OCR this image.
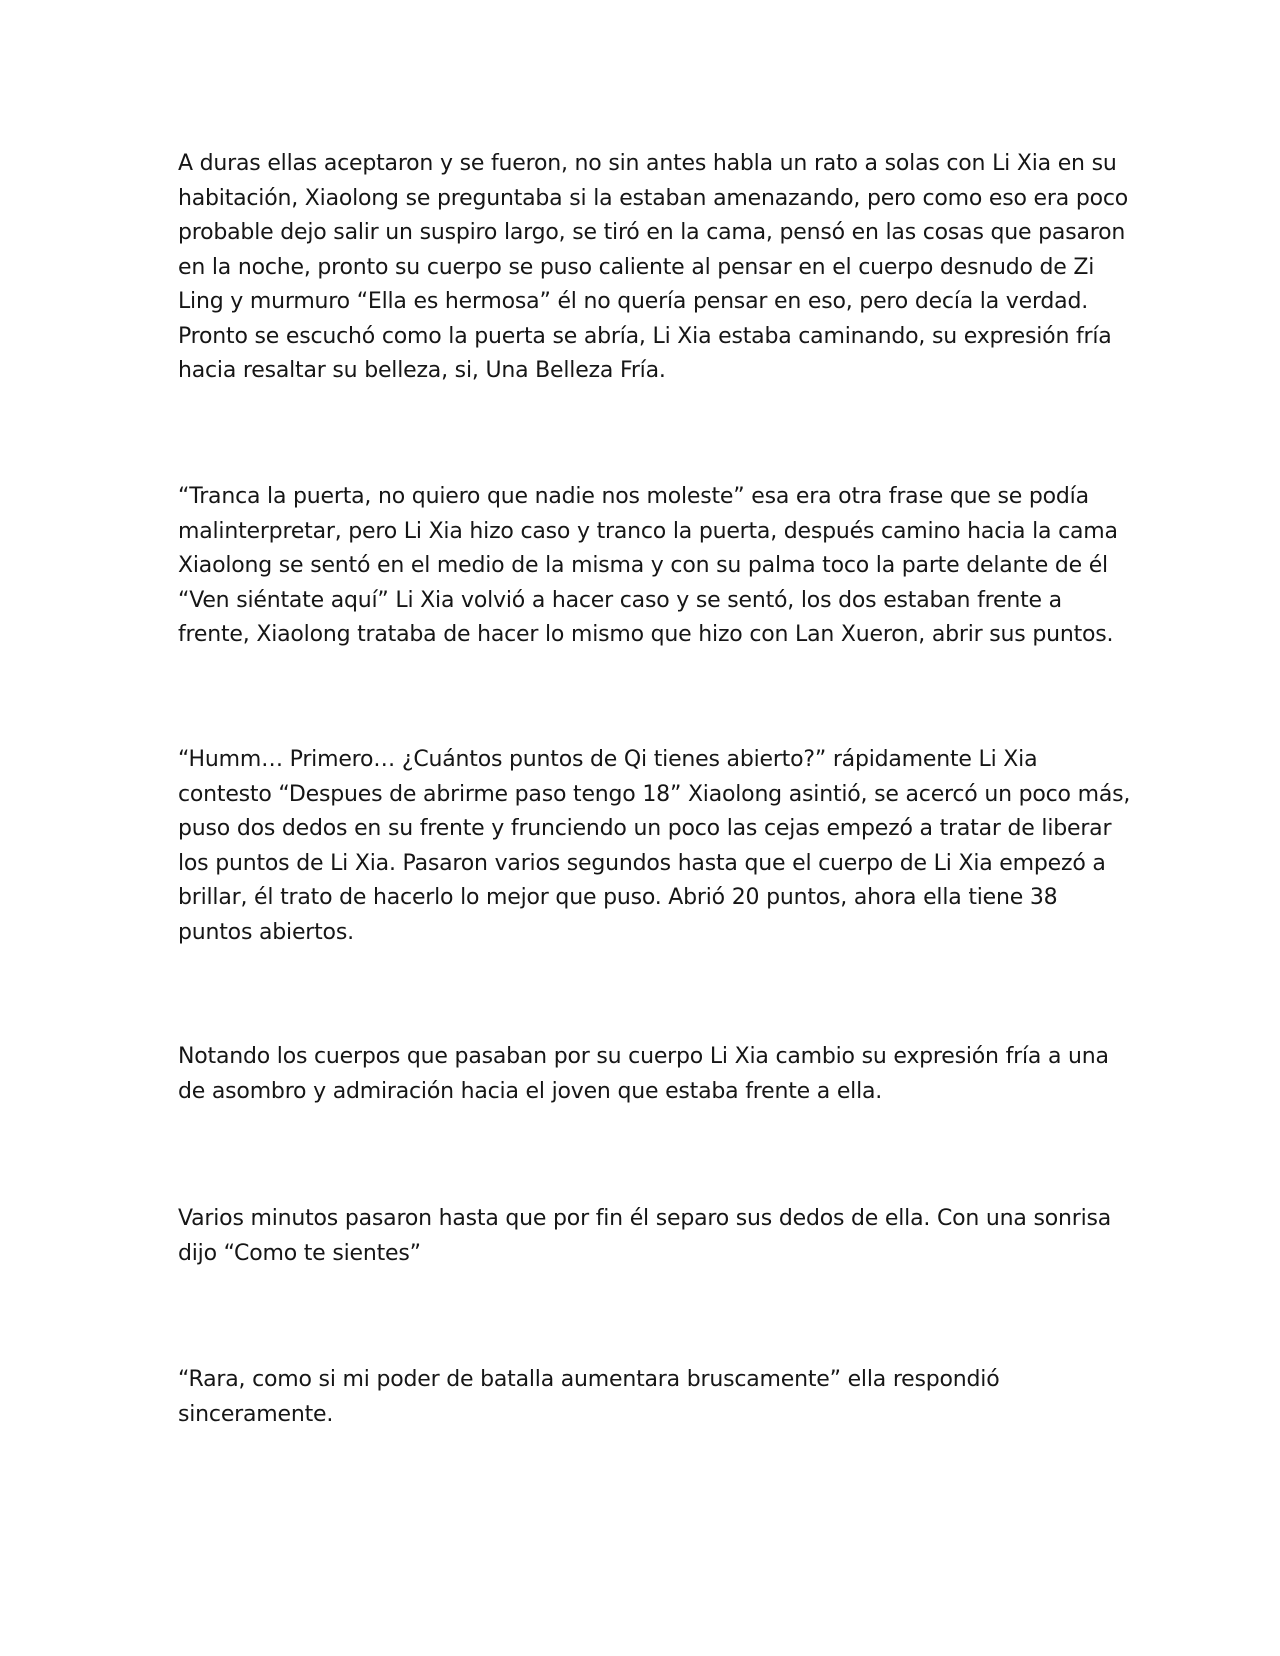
A duras ellas aceptaron y se fueron, no sin antes habla un rato a solas con Li Xia en su
habitación, Xiaolong se preguntaba si la estaban amenazando, pero como eso era poco
probable dejo salir un suspiro largo, se tiró en la cama, pensó en las cosas que pasaron
en la noche, pronto su cuerpo se puso caliente al pensar en el cuerpo desnudo de Zi
Ling y murmuro “Ella es hermosa” él no quería pensar en eso, pero decía la verdad.
Pronto se escuchó como la puerta se abría, Li Xia estaba caminando, su expresión fría
hacia resaltar su belleza, si, Una Belleza Fría.

“Tranca la puerta, no quiero que nadie nos moleste” esa era otra frase que se podía
malinterpretar, pero Li Xia hizo caso y tranco la puerta, después camino hacia la cama
Xiaolong se sentó en el medio de la misma y con su palma toco la parte delante de él
“Ven siéntate aquí” Li Xia volvió a hacer caso y se sentó, los dos estaban frente a
frente, Xiaolong trataba de hacer lo mismo que hizo con Lan Xueron, abrir sus puntos.

“Humm… Primero… ¿Cuántos puntos de Qi tienes abierto?” rápidamente Li Xia
contesto “Despues de abrirme paso tengo 18” Xiaolong asintió, se acercó un poco más,
puso dos dedos en su frente y frunciendo un poco las cejas empezó a tratar de liberar
los puntos de Li Xia. Pasaron varios segundos hasta que el cuerpo de Li Xia empezó a
brillar, él trato de hacerlo lo mejor que puso. Abrió 20 puntos, ahora ella tiene 38
puntos abiertos.

Notando los cuerpos que pasaban por su cuerpo Li Xia cambio su expresión fría a una
de asombro y admiración hacia el joven que estaba frente a ella.

Varios minutos pasaron hasta que por fin él separo sus dedos de ella. Con una sonrisa
dijo “Como te sientes”

“Rara, como si mi poder de batalla aumentara bruscamente” ella respondió
sinceramente.
